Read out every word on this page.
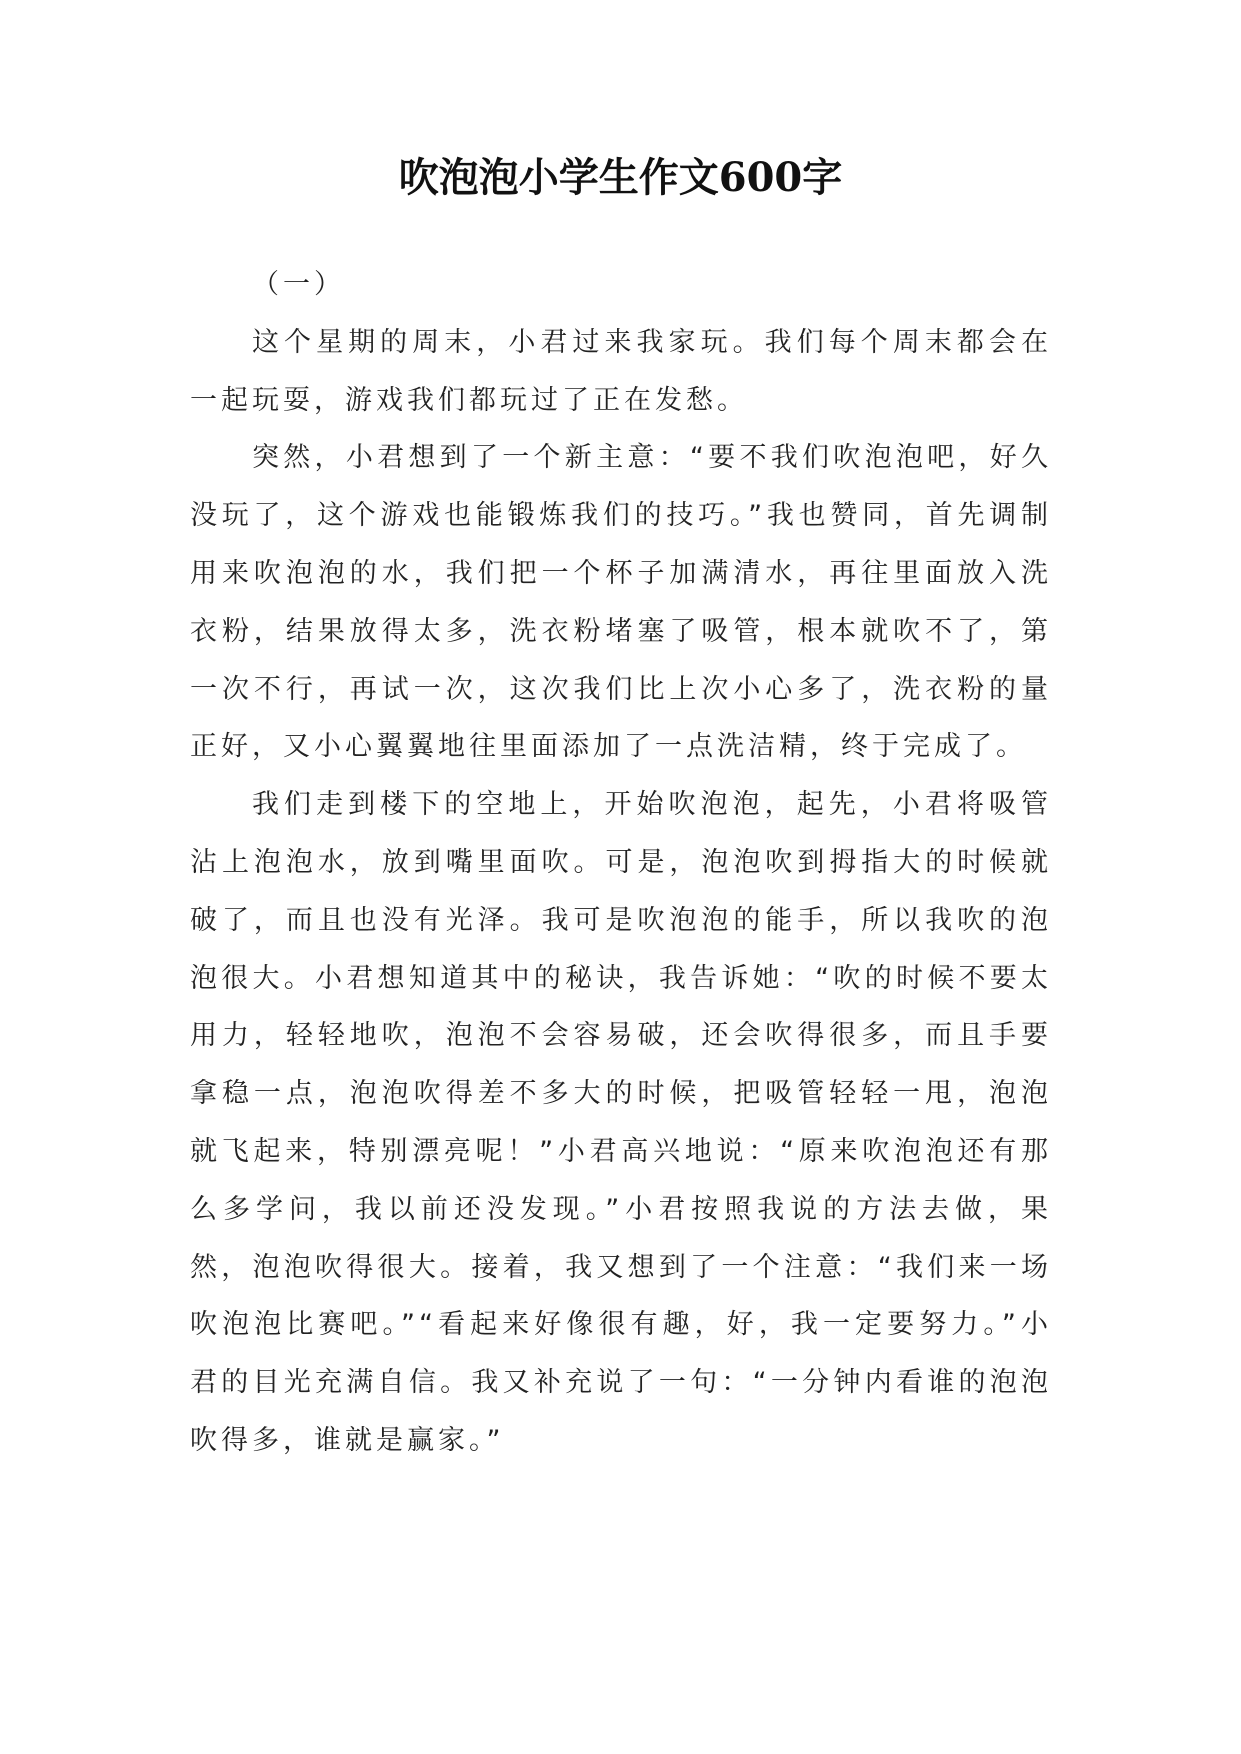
吹泡泡小学生作文600字

（一）

这个星期的周末，小君过来我家玩。我们每个周末都会在一起玩耍，游戏我们都玩过了正在发愁。

突然，小君想到了一个新主意：“要不我们吹泡泡吧，好久没玩了，这个游戏也能锻炼我们的技巧。”我也赞同，首先调制用来吹泡泡的水，我们把一个杯子加满清水，再往里面放入洗衣粉，结果放得太多，洗衣粉堵塞了吸管，根本就吹不了，第一次不行，再试一次，这次我们比上次小心多了，洗衣粉的量正好，又小心翼翼地往里面添加了一点洗洁精，终于完成了。

我们走到楼下的空地上，开始吹泡泡，起先，小君将吸管沾上泡泡水，放到嘴里面吹。可是，泡泡吹到拇指大的时候就破了，而且也没有光泽。我可是吹泡泡的能手，所以我吹的泡泡很大。小君想知道其中的秘诀，我告诉她：“吹的时候不要太用力，轻轻地吹，泡泡不会容易破，还会吹得很多，而且手要拿稳一点，泡泡吹得差不多大的时候，把吸管轻轻一甩，泡泡就飞起来，特别漂亮呢！”小君高兴地说：“原来吹泡泡还有那么多学问，我以前还没发现。”小君按照我说的方法去做，果然，泡泡吹得很大。接着，我又想到了一个注意：“我们来一场吹泡泡比赛吧。”“看起来好像很有趣，好，我一定要努力。”小君的目光充满自信。我又补充说了一句：“一分钟内看谁的泡泡吹得多，谁就是赢家。”
